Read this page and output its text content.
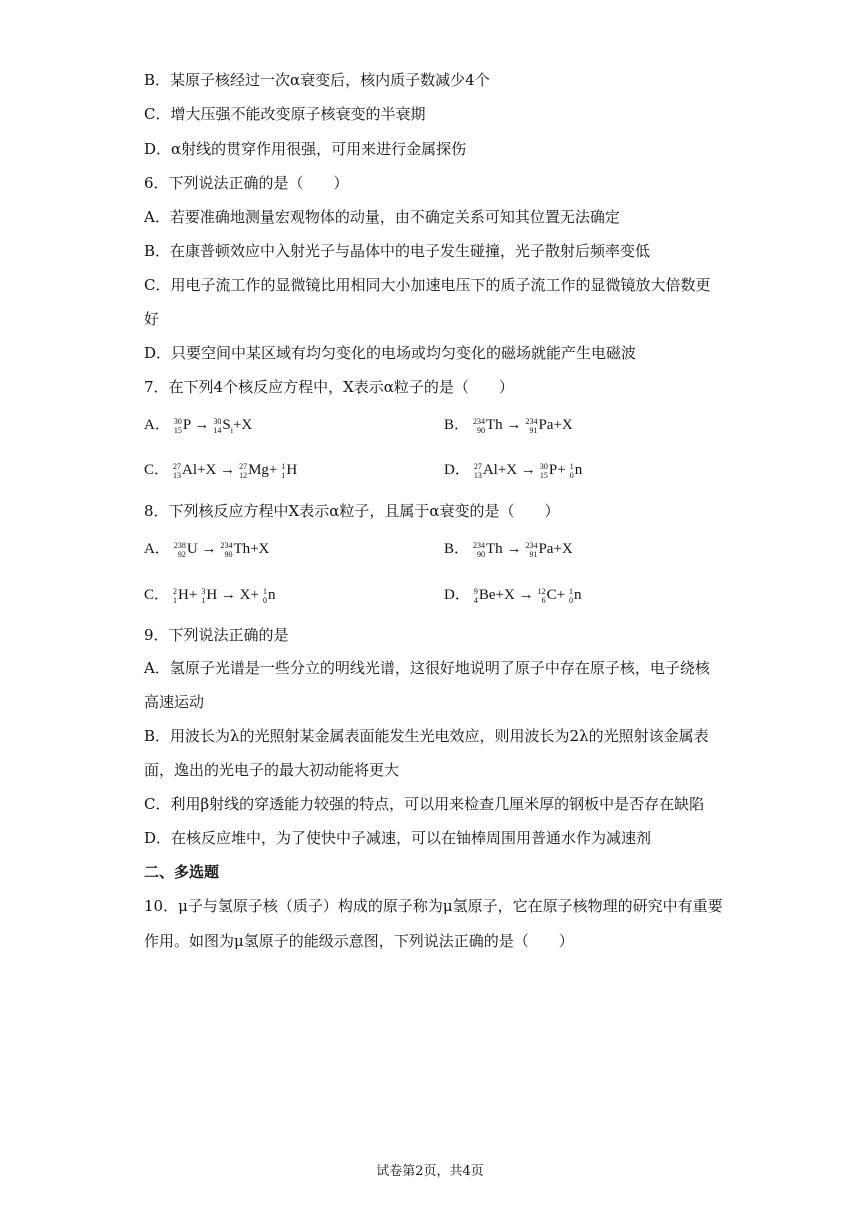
B．某原子核经过一次α衰变后，核内质子数减少4个
C．增大压强不能改变原子核衰变的半衰期
D．α射线的贯穿作用很强，可用来进行金属探伤
6．下列说法正确的是（　　）
A．若要准确地测量宏观物体的动量，由不确定关系可知其位置无法确定
B．在康普顿效应中入射光子与晶体中的电子发生碰撞，光子散射后频率变低
C．用电子流工作的显微镜比用相同大小加速电压下的质子流工作的显微镜放大倍数更
好
D．只要空间中某区域有均匀变化的电场或均匀变化的磁场就能产生电磁波
7．在下列4个核反应方程中，X表示α粒子的是（　　）
A． 30
15 P → 30
14 $S_i+X$	B． 234
90 Th → 234
91 Pa+X
C． 27
13 Al+X → 27
12 Mg+ 1
1 H	D． 27
13 Al+X → 30
15 P+ 1
0 n
8．下列核反应方程中X表示α粒子，且属于α衰变的是（　　）
A． 238
92 U → 234
90 Th+X	B． 234
90 Th → 234
91 Pa+X
C． 2
1 H+ 3
1 H → X+ 1
0 n	D． 9
4 Be+X → 12
6 C+ 1
0 n
9．下列说法正确的是
A．氢原子光谱是一些分立的明线光谱，这很好地说明了原子中存在原子核，电子绕核
高速运动
B．用波长为λ的光照射某金属表面能发生光电效应，则用波长为2λ的光照射该金属表
面，逸出的光电子的最大初动能将更大
C．利用β射线的穿透能力较强的特点，可以用来检查几厘米厚的钢板中是否存在缺陷
D．在核反应堆中，为了使快中子减速，可以在铀棒周围用普通水作为减速剂
二、多选题
10．μ子与氢原子核（质子）构成的原子称为μ氢原子，它在原子核物理的研究中有重要
作用。如图为μ氢原子的能级示意图，下列说法正确的是（　　）
试卷第2页，共4页
